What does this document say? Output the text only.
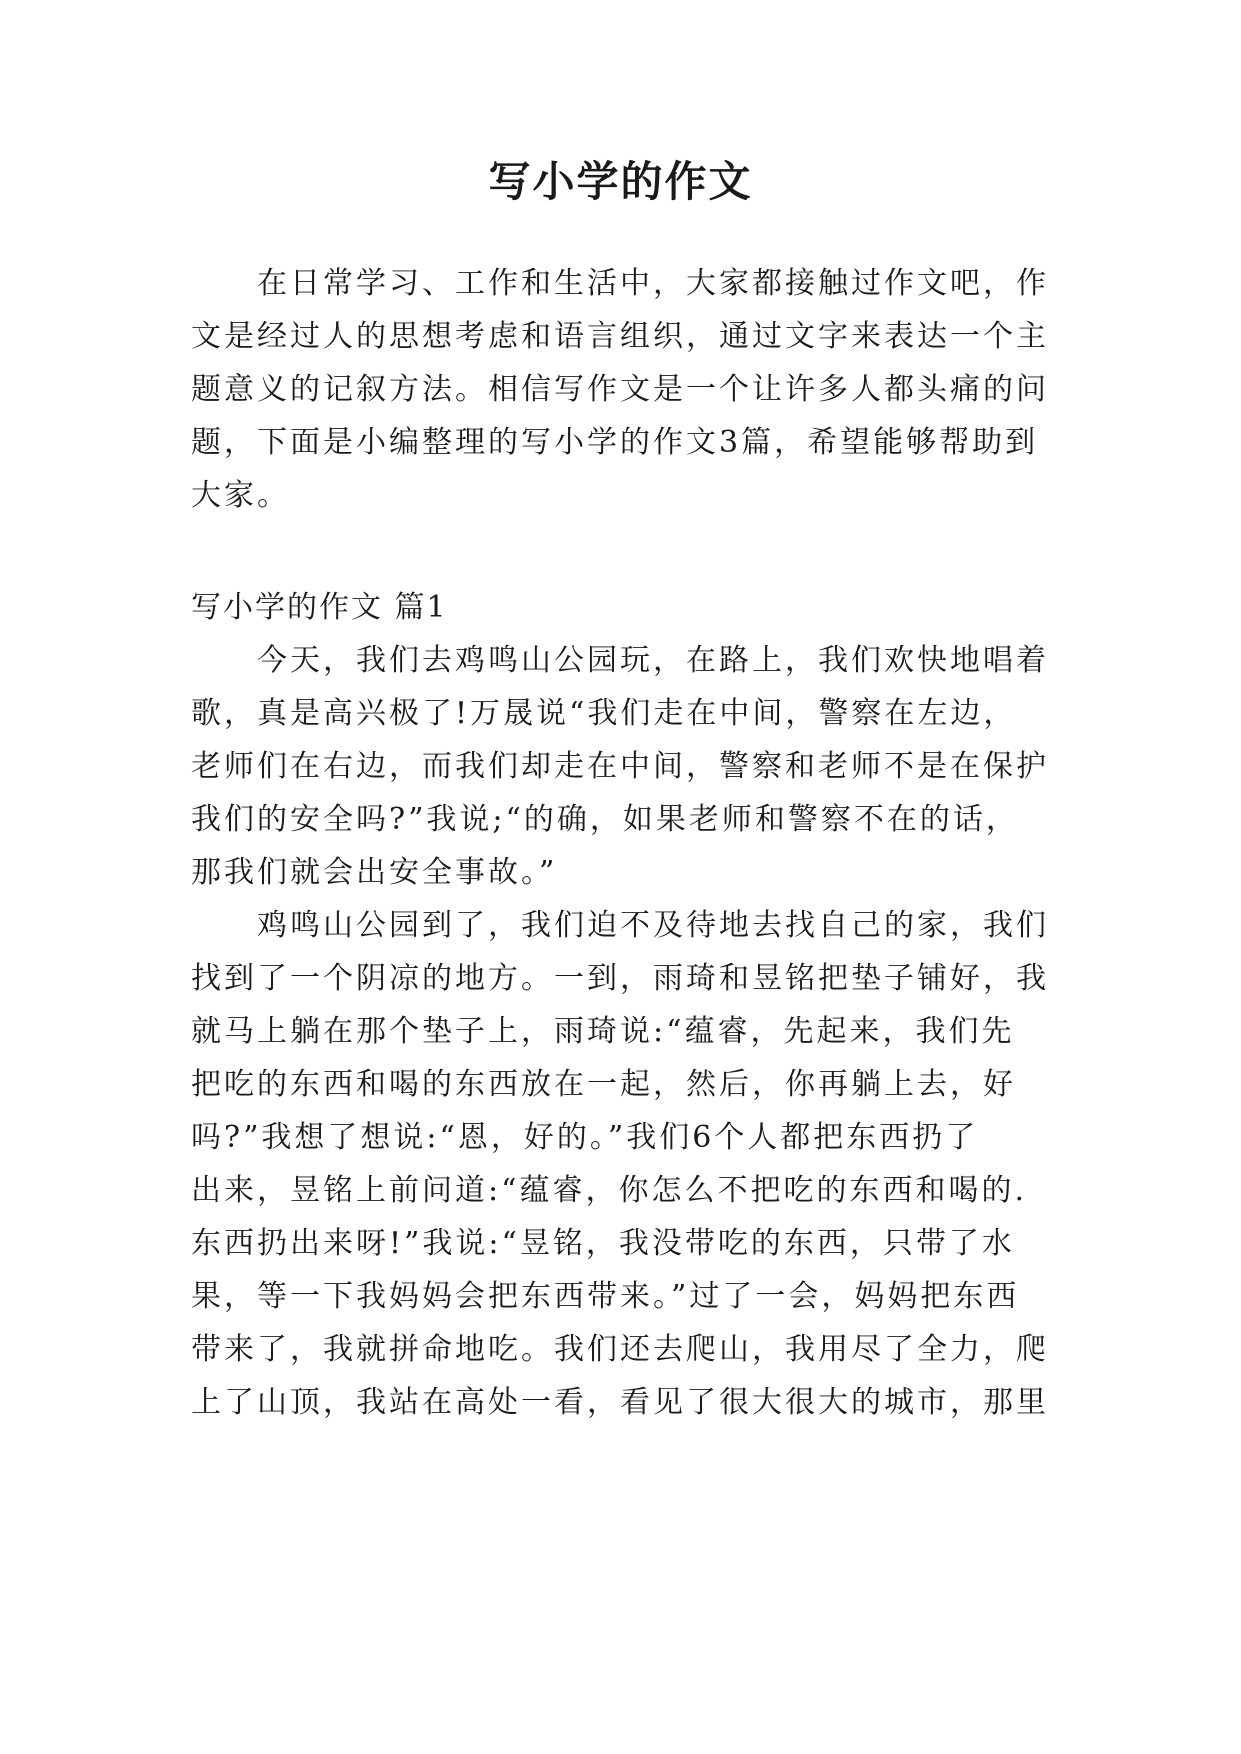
写小学的作文
在日常学习、工作和生活中，大家都接触过作文吧，作
文是经过人的思想考虑和语言组织，通过文字来表达一个主
题意义的记叙方法。相信写作文是一个让许多人都头痛的问
题，下面是小编整理的写小学的作文3篇，希望能够帮助到
大家。
写小学的作文 篇1
今天，我们去鸡鸣山公园玩，在路上，我们欢快地唱着
歌，真是高兴极了!万晟说“我们走在中间，警察在左边，
老师们在右边，而我们却走在中间，警察和老师不是在保护
我们的安全吗?”我说;“的确，如果老师和警察不在的话，
那我们就会出安全事故。”
鸡鸣山公园到了，我们迫不及待地去找自己的家，我们
找到了一个阴凉的地方。一到，雨琦和昱铭把垫子铺好，我
就马上躺在那个垫子上，雨琦说:“蕴睿，先起来，我们先
把吃的东西和喝的东西放在一起，然后，你再躺上去，好
吗?”我想了想说:“恩，好的。”我们6个人都把东西扔了
出来，昱铭上前问道:“蕴睿，你怎么不把吃的东西和喝的.
东西扔出来呀!”我说:“昱铭，我没带吃的东西，只带了水
果，等一下我妈妈会把东西带来。”过了一会，妈妈把东西
带来了，我就拼命地吃。我们还去爬山，我用尽了全力，爬
上了山顶，我站在高处一看，看见了很大很大的城市，那里
